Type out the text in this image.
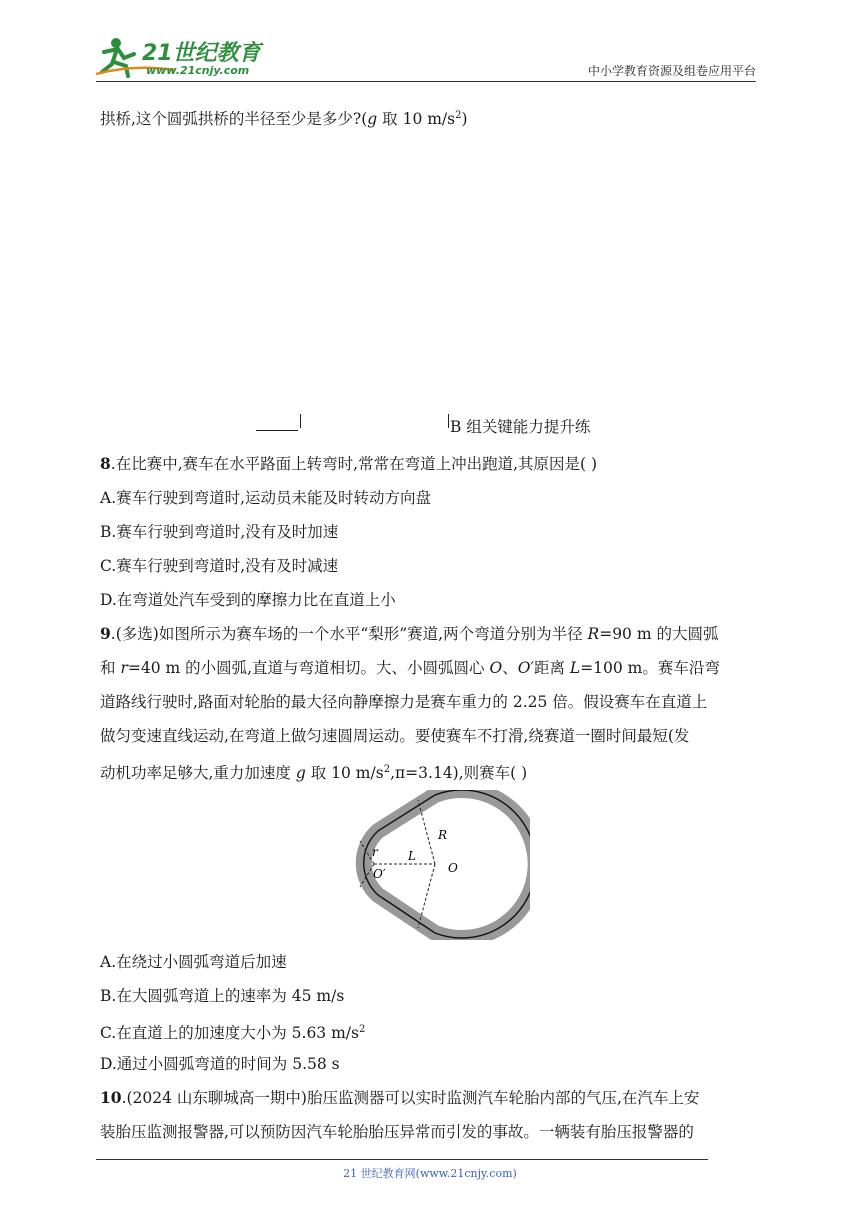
21世纪教育
www.21cnjy.com	中小学教育资源及组卷应用平台
拱桥,这个圆弧拱桥的半径至少是多少?(g 取 10 $m/s^2$)
B 组关键能力提升练
8.在比赛中,赛车在水平路面上转弯时,常常在弯道上冲出跑道,其原因是( )
A.赛车行驶到弯道时,运动员未能及时转动方向盘
B.赛车行驶到弯道时,没有及时加速
C.赛车行驶到弯道时,没有及时减速
D.在弯道处汽车受到的摩擦力比在直道上小
9.(多选)如图所示为赛车场的一个水平“梨形”赛道,两个弯道分别为半径 R=90 m 的大圆弧
和 r=40 m 的小圆弧,直道与弯道相切。大、小圆弧圆心 O、O′距离 L=100 m。赛车沿弯
道路线行驶时,路面对轮胎的最大径向静摩擦力是赛车重力的 2.25 倍。假设赛车在直道上
做匀变速直线运动,在弯道上做匀速圆周运动。要使赛车不打滑,绕赛道一圈时间最短(发
动机功率足够大,重力加速度 g 取 10 $m/s^2,\pi=3.14$),则赛车( )
R
r	L
O
O′
A.在绕过小圆弧弯道后加速
B.在大圆弧弯道上的速率为 45 m/s
C.在直道上的加速度大小为 5.63 $m/s^2$
D.通过小圆弧弯道的时间为 5.58 s
10.(2024 山东聊城高一期中)胎压监测器可以实时监测汽车轮胎内部的气压,在汽车上安
装胎压监测报警器,可以预防因汽车轮胎胎压异常而引发的事故。一辆装有胎压报警器的
21 世纪教育网(www.21cnjy.com)
